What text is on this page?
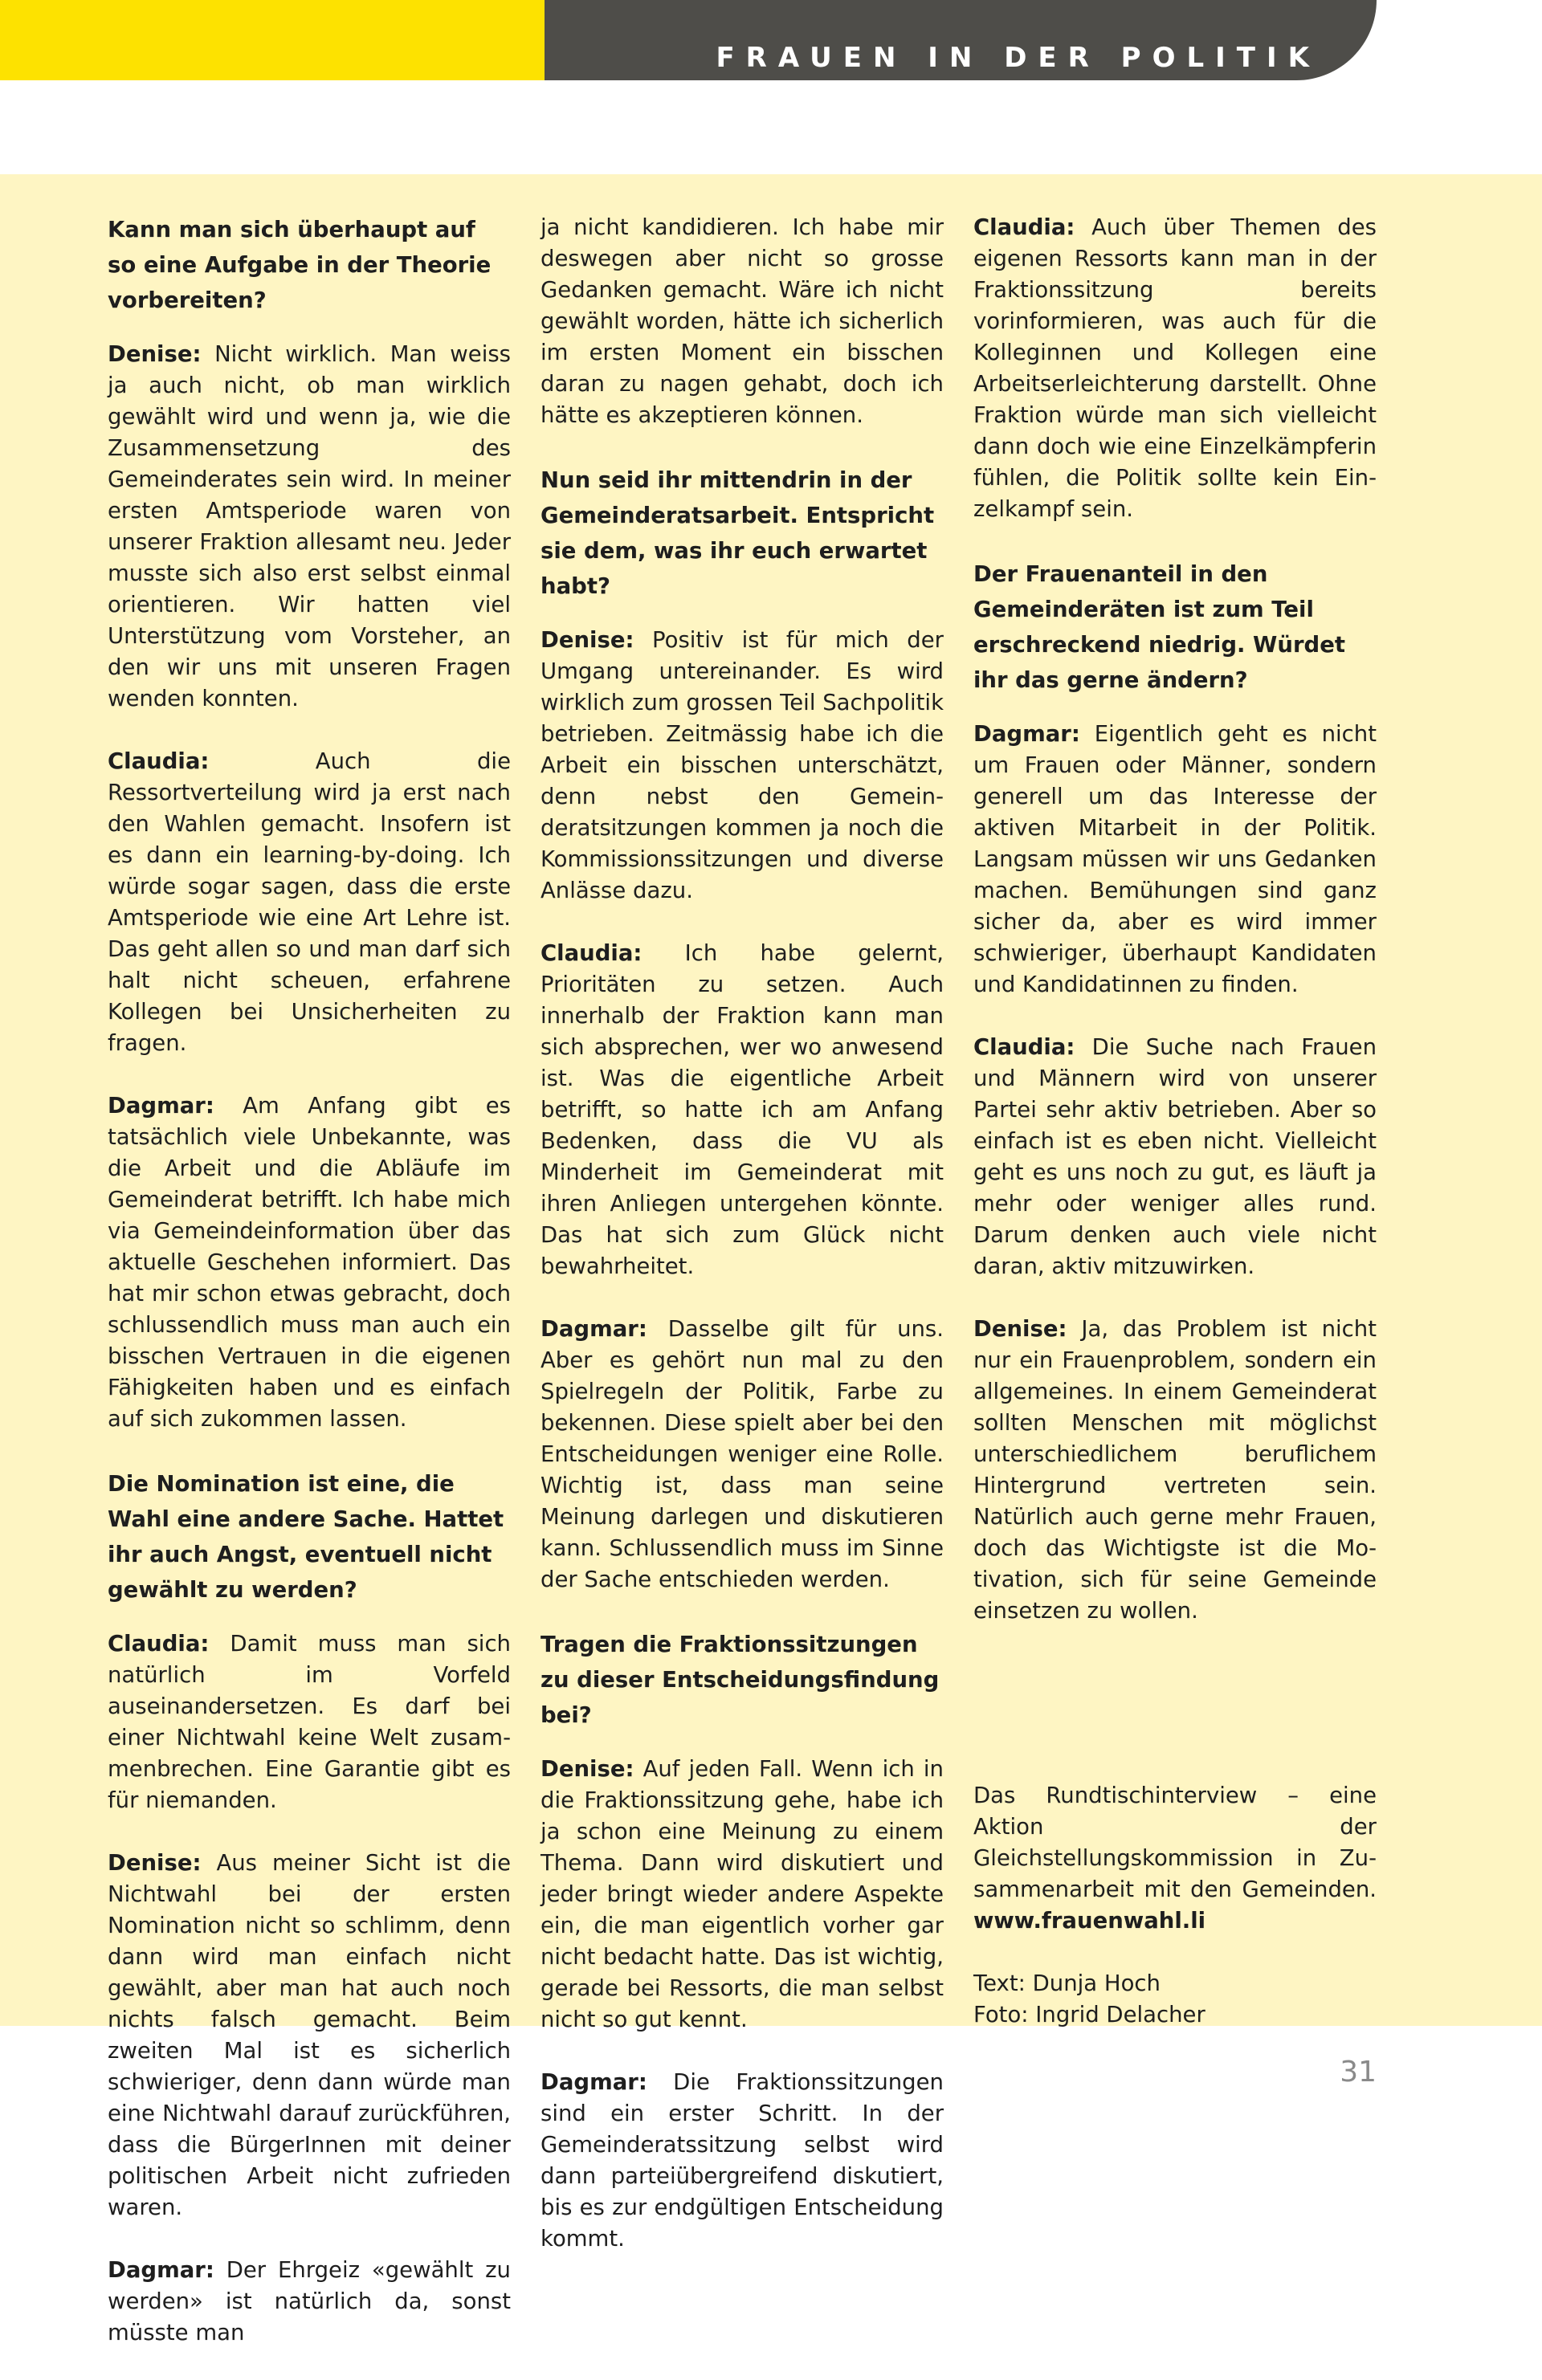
FRAUEN IN DER POLITIK

Kann man sich überhaupt auf so eine Aufgabe in der Theorie vorbereiten?

Denise: Nicht wirklich. Man weiss ja auch nicht, ob man wirklich gewählt wird und wenn ja, wie die Zusammensetzung des Gemeinderates sein wird. In meiner ersten Amtsperiode waren von unserer Fraktion allesamt neu. Jeder musste sich also erst selbst einmal orientieren. Wir hatten viel Unterstützung vom Vorsteher, an den wir uns mit unseren Fragen wenden konnten.

Claudia: Auch die Ressortverteilung wird ja erst nach den Wahlen gemacht. Insofern ist es dann ein learning-by-doing. Ich würde sogar sagen, dass die erste Amtsperiode wie eine Art Lehre ist. Das geht allen so und man darf sich halt nicht scheuen, erfahrene Kollegen bei Unsicherheiten zu fragen.

Dagmar: Am Anfang gibt es tatsächlich viele Unbekannte, was die Arbeit und die Abläufe im Gemeinderat betrifft. Ich habe mich via Gemeindeinformation über das aktuelle Geschehen informiert. Das hat mir schon etwas gebracht, doch schlussendlich muss man auch ein bisschen Vertrauen in die eigenen Fähigkeiten haben und es einfach auf sich zukommen lassen.

Die Nomination ist eine, die Wahl eine andere Sache. Hattet ihr auch Angst, eventuell nicht gewählt zu werden?

Claudia: Damit muss man sich natürlich im Vorfeld auseinandersetzen. Es darf bei einer Nichtwahl keine Welt zusammenbrechen. Eine Garantie gibt es für niemanden.

Denise: Aus meiner Sicht ist die Nichtwahl bei der ersten Nomination nicht so schlimm, denn dann wird man einfach nicht gewählt, aber man hat auch noch nichts falsch gemacht. Beim zweiten Mal ist es sicherlich schwieriger, denn dann würde man eine Nichtwahl darauf zurückführen, dass die BürgerInnen mit deiner politischen Arbeit nicht zufrieden waren.

Dagmar: Der Ehrgeiz «gewählt zu werden» ist natürlich da, sonst müsste man

ja nicht kandidieren. Ich habe mir deswegen aber nicht so grosse Gedanken gemacht. Wäre ich nicht gewählt worden, hätte ich sicherlich im ersten Moment ein bisschen daran zu nagen gehabt, doch ich hätte es akzeptieren können.

Nun seid ihr mittendrin in der Gemeinderatsarbeit. Entspricht sie dem, was ihr euch erwartet habt?

Denise: Positiv ist für mich der Umgang untereinander. Es wird wirklich zum grossen Teil Sachpolitik betrieben. Zeitmässig habe ich die Arbeit ein bisschen unterschätzt, denn nebst den Gemeinderatsitzungen kommen ja noch die Kommissionssitzungen und diverse Anlässe dazu.

Claudia: Ich habe gelernt, Prioritäten zu setzen. Auch innerhalb der Fraktion kann man sich absprechen, wer wo anwesend ist. Was die eigentliche Arbeit betrifft, so hatte ich am Anfang Bedenken, dass die VU als Minderheit im Gemeinderat mit ihren Anliegen untergehen könnte. Das hat sich zum Glück nicht bewahrheitet.

Dagmar: Dasselbe gilt für uns. Aber es gehört nun mal zu den Spielregeln der Politik, Farbe zu bekennen. Diese spielt aber bei den Entscheidungen weniger eine Rolle. Wichtig ist, dass man seine Meinung darlegen und diskutieren kann. Schlussendlich muss im Sinne der Sache entschieden werden.

Tragen die Fraktionssitzungen zu dieser Entscheidungsfindung bei?

Denise: Auf jeden Fall. Wenn ich in die Fraktionssitzung gehe, habe ich ja schon eine Meinung zu einem Thema. Dann wird diskutiert und jeder bringt wieder andere Aspekte ein, die man eigentlich vorher gar nicht bedacht hatte. Das ist wichtig, gerade bei Ressorts, die man selbst nicht so gut kennt.

Dagmar: Die Fraktionssitzungen sind ein erster Schritt. In der Gemeinderatssitzung selbst wird dann parteiübergreifend diskutiert, bis es zur endgültigen Entscheidung kommt.

Claudia: Auch über Themen des eigenen Ressorts kann man in der Fraktionssitzung bereits vorinformieren, was auch für die Kolleginnen und Kollegen eine Arbeitserleichterung darstellt. Ohne Fraktion würde man sich vielleicht dann doch wie eine Einzelkämpferin fühlen, die Politik sollte kein Einzelkampf sein.

Der Frauenanteil in den Gemeinderäten ist zum Teil erschreckend niedrig. Würdet ihr das gerne ändern?

Dagmar: Eigentlich geht es nicht um Frauen oder Männer, sondern generell um das Interesse der aktiven Mitarbeit in der Politik. Langsam müssen wir uns Gedanken machen. Bemühungen sind ganz sicher da, aber es wird immer schwieriger, überhaupt Kandidaten und Kandidatinnen zu finden.

Claudia: Die Suche nach Frauen und Männern wird von unserer Partei sehr aktiv betrieben. Aber so einfach ist es eben nicht. Vielleicht geht es uns noch zu gut, es läuft ja mehr oder weniger alles rund. Darum denken auch viele nicht daran, aktiv mitzuwirken.

Denise: Ja, das Problem ist nicht nur ein Frauenproblem, sondern ein allgemeines. In einem Gemeinderat sollten Menschen mit möglichst unterschiedlichem beruflichem Hintergrund vertreten sein. Natürlich auch gerne mehr Frauen, doch das Wichtigste ist die Motivation, sich für seine Gemeinde einsetzen zu wollen.

Das Rundtischinterview – eine Aktion der Gleichstellungskommission in Zusammenarbeit mit den Gemeinden. www.frauenwahl.li

Text: Dunja Hoch

Foto: Ingrid Delacher

31
